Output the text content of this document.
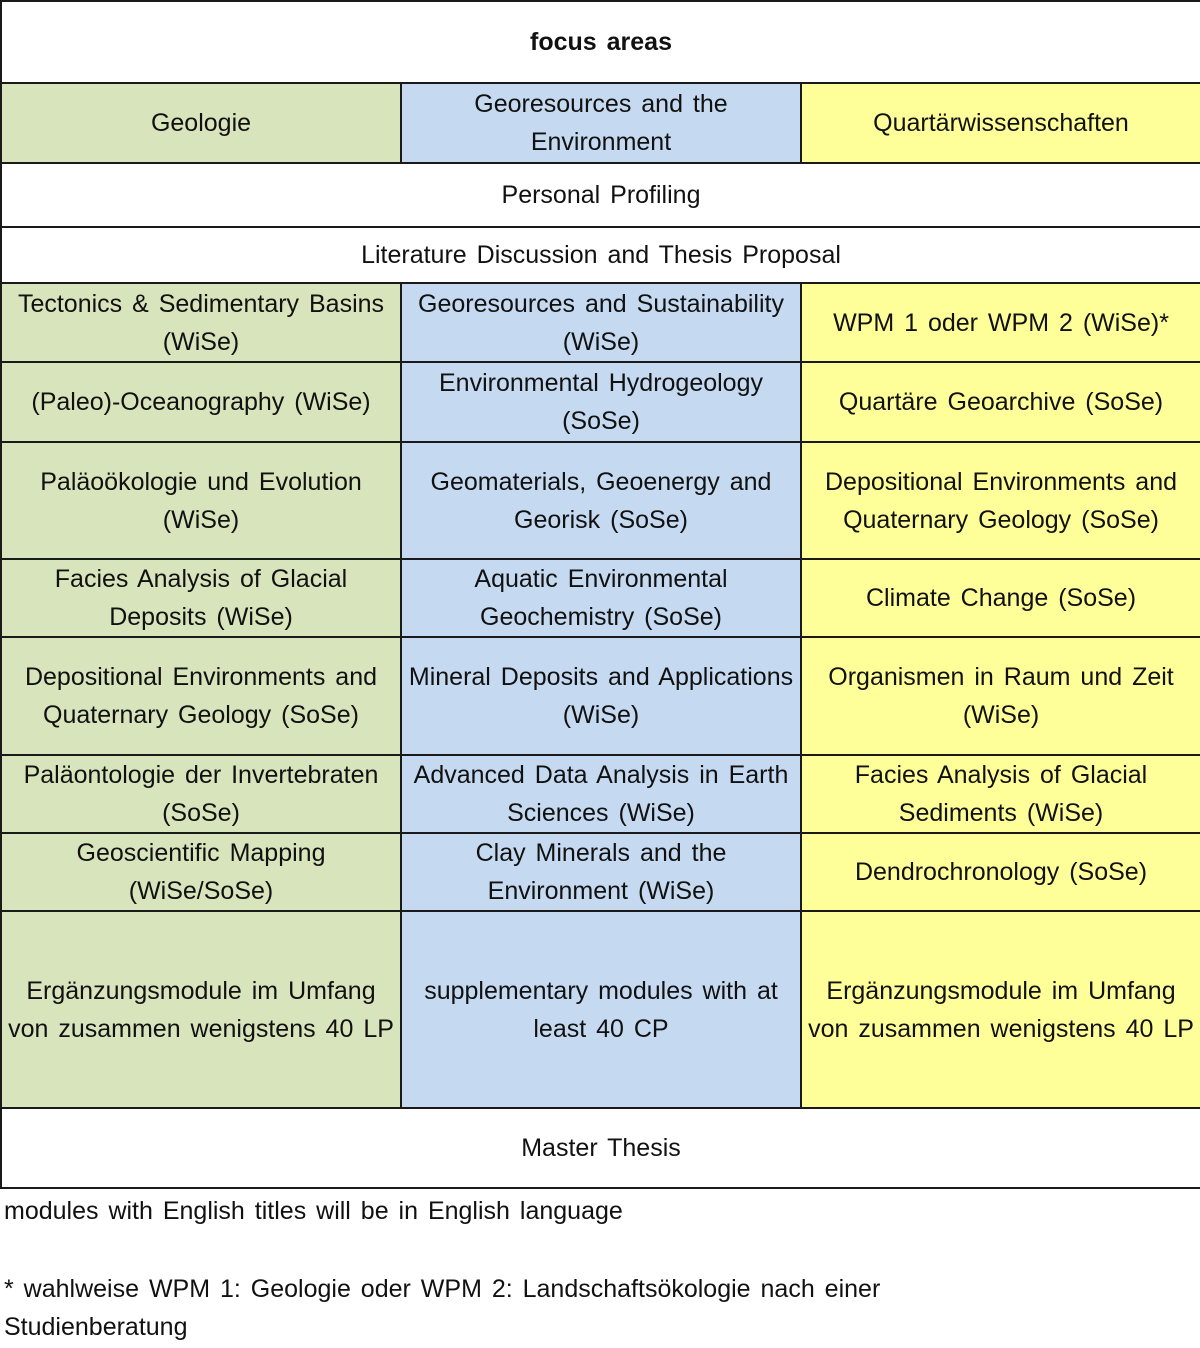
focus areas		
Geologie	Georesources and the Environment	Quartärwissenschaften
Personal Profiling		
Literature Discussion and Thesis Proposal		
Tectonics & Sedimentary Basins (WiSe)	Georesources and Sustainability (WiSe)	WPM 1 oder WPM 2 (WiSe)*
(Paleo)-Oceanography (WiSe)	Environmental Hydrogeology (SoSe)	Quartäre Geoarchive (SoSe)
Paläoökologie und Evolution (WiSe)	Geomaterials, Geoenergy and Georisk (SoSe)	Depositional Environments and Quaternary Geology (SoSe)
Facies Analysis of Glacial Deposits (WiSe)	Aquatic Environmental Geochemistry (SoSe)	Climate Change (SoSe)
Depositional Environments and Quaternary Geology (SoSe)	Mineral Deposits and Applications (WiSe)	Organismen in Raum und Zeit (WiSe)
Paläontologie der Invertebraten (SoSe)	Advanced Data Analysis in Earth Sciences (WiSe)	Facies Analysis of Glacial Sediments (WiSe)
Geoscientific Mapping (WiSe/SoSe)	Clay Minerals and the Environment (WiSe)	Dendrochronology (SoSe)
Ergänzungsmodule im Umfang von zusammen wenigstens 40 LP	supplementary modules with at least 40 CP	Ergänzungsmodule im Umfang von zusammen wenigstens 40 LP
Master Thesis		
modules with English titles will be in English language
* wahlweise WPM 1: Geologie oder WPM 2: Landschaftsökologie nach einer Studienberatung
